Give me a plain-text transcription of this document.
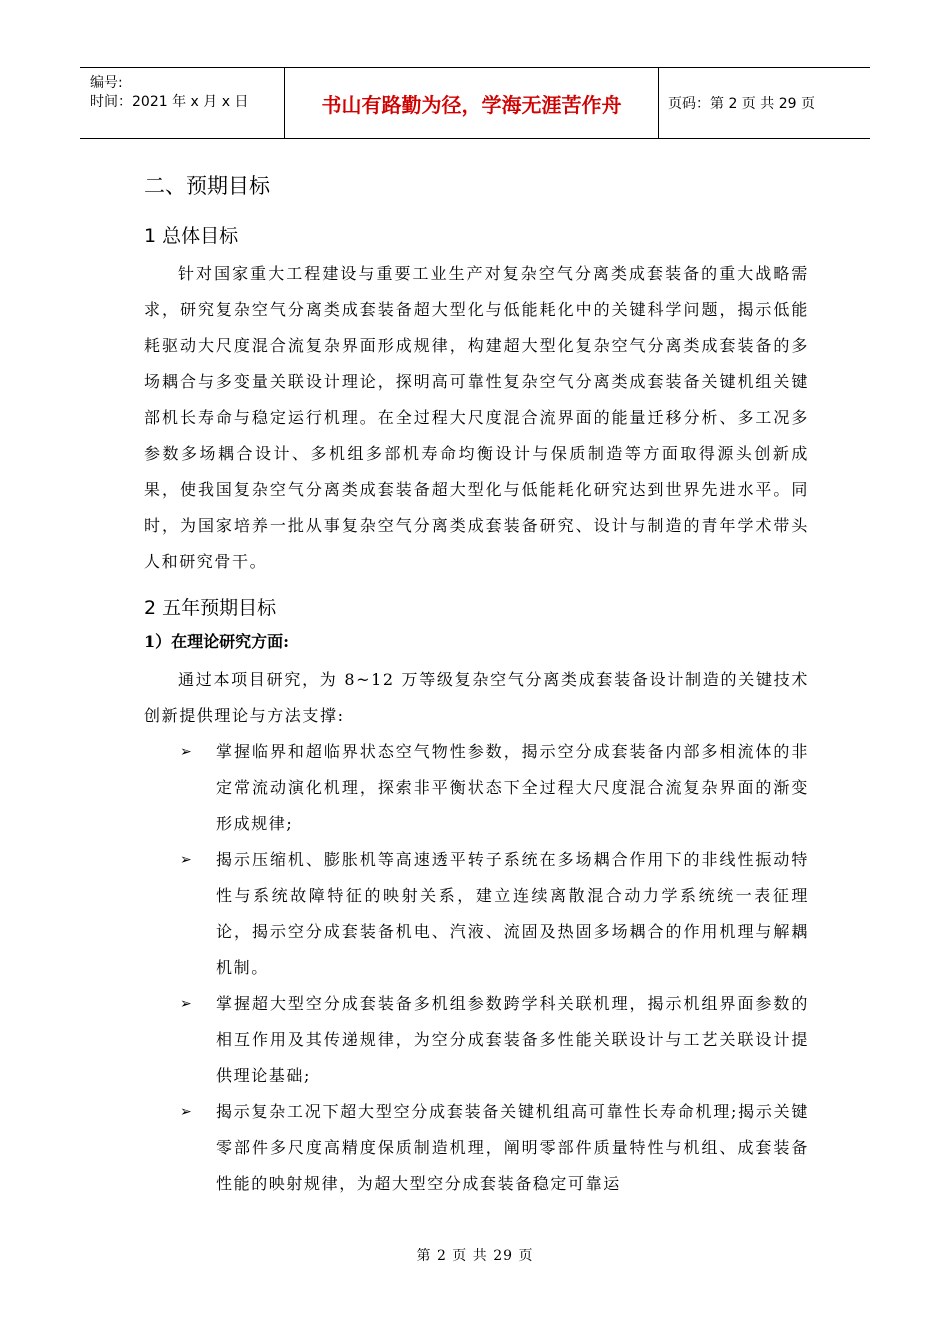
编号:
时间：2021 年 x 月 x 日	书山有路勤为径，学海无涯苦作舟	页码：第 2 页 共 29 页
二、预期目标
1 总体目标

针对国家重大工程建设与重要工业生产对复杂空气分离类成套装备的重大战略需求，研究复杂空气分离类成套装备超大型化与低能耗化中的关键科学问题，揭示低能耗驱动大尺度混合流复杂界面形成规律，构建超大型化复杂空气分离类成套装备的多场耦合与多变量关联设计理论，探明高可靠性复杂空气分离类成套装备关键机组关键部机长寿命与稳定运行机理。在全过程大尺度混合流界面的能量迁移分析、多工况多参数多场耦合设计、多机组多部机寿命均衡设计与保质制造等方面取得源头创新成果，使我国复杂空气分离类成套装备超大型化与低能耗化研究达到世界先进水平。同时，为国家培养一批从事复杂空气分离类成套装备研究、设计与制造的青年学术带头人和研究骨干。

2 五年预期目标
1）在理论研究方面:

通过本项目研究，为 8~12 万等级复杂空气分离类成套装备设计制造的关键技术创新提供理论与方法支撑:

➢ 掌握临界和超临界状态空气物性参数，揭示空分成套装备内部多相流体的非定常流动演化机理，探索非平衡状态下全过程大尺度混合流复杂界面的渐变形成规律;
➢ 揭示压缩机、膨胀机等高速透平转子系统在多场耦合作用下的非线性振动特性与系统故障特征的映射关系，建立连续离散混合动力学系统统一表征理论，揭示空分成套装备机电、汽液、流固及热固多场耦合的作用机理与解耦机制。
➢ 掌握超大型空分成套装备多机组参数跨学科关联机理，揭示机组界面参数的相互作用及其传递规律，为空分成套装备多性能关联设计与工艺关联设计提供理论基础;
➢ 揭示复杂工况下超大型空分成套装备关键机组高可靠性长寿命机理;揭示关键零部件多尺度高精度保质制造机理，阐明零部件质量特性与机组、成套装备性能的映射规律，为超大型空分成套装备稳定可靠运
第 2 页 共 29 页
